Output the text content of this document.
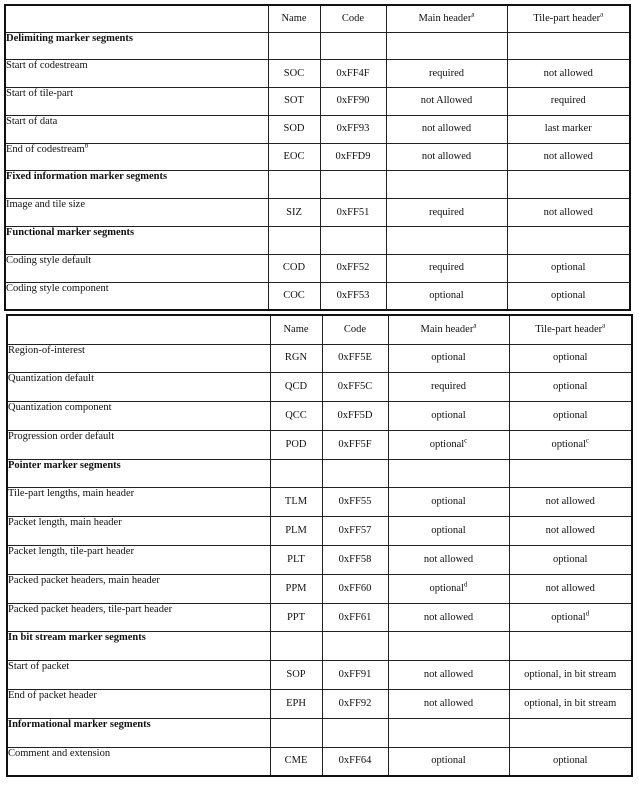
	Name	Code	Main header$^a$	Tile-part header$^a$
Delimiting marker segments				
Start of codestream	SOC	0xFF4F	required	not allowed
Start of tile-part	SOT	0xFF90	not Allowed	required
Start of data	SOD	0xFF93	not allowed	last marker
End of codestream$^b$	EOC	0xFFD9	not allowed	not allowed
Fixed information marker segments				
Image and tile size	SIZ	0xFF51	required	not allowed
Functional marker segments				
Coding style default	COD	0xFF52	required	optional
Coding style component	COC	0xFF53	optional	optional
	Name	Code	Main header$^a$	Tile-part header$^a$
Region-of-interest	RGN	0xFF5E	optional	optional
Quantization default	QCD	0xFF5C	required	optional
Quantization component	QCC	0xFF5D	optional	optional
Progression order default	POD	0xFF5F	optional$^c$	optional$^c$
Pointer marker segments				
Tile-part lengths, main header	TLM	0xFF55	optional	not allowed
Packet length, main header	PLM	0xFF57	optional	not allowed
Packet length, tile-part header	PLT	0xFF58	not allowed	optional
Packed packet headers, main header	PPM	0xFF60	optional$^d$	not allowed
Packed packet headers, tile-part header	PPT	0xFF61	not allowed	optional$^d$
In bit stream marker segments				
Start of packet	SOP	0xFF91	not allowed	optional, in bit stream
End of packet header	EPH	0xFF92	not allowed	optional, in bit stream
Informational marker segments				
Comment and extension	CME	0xFF64	optional	optional
